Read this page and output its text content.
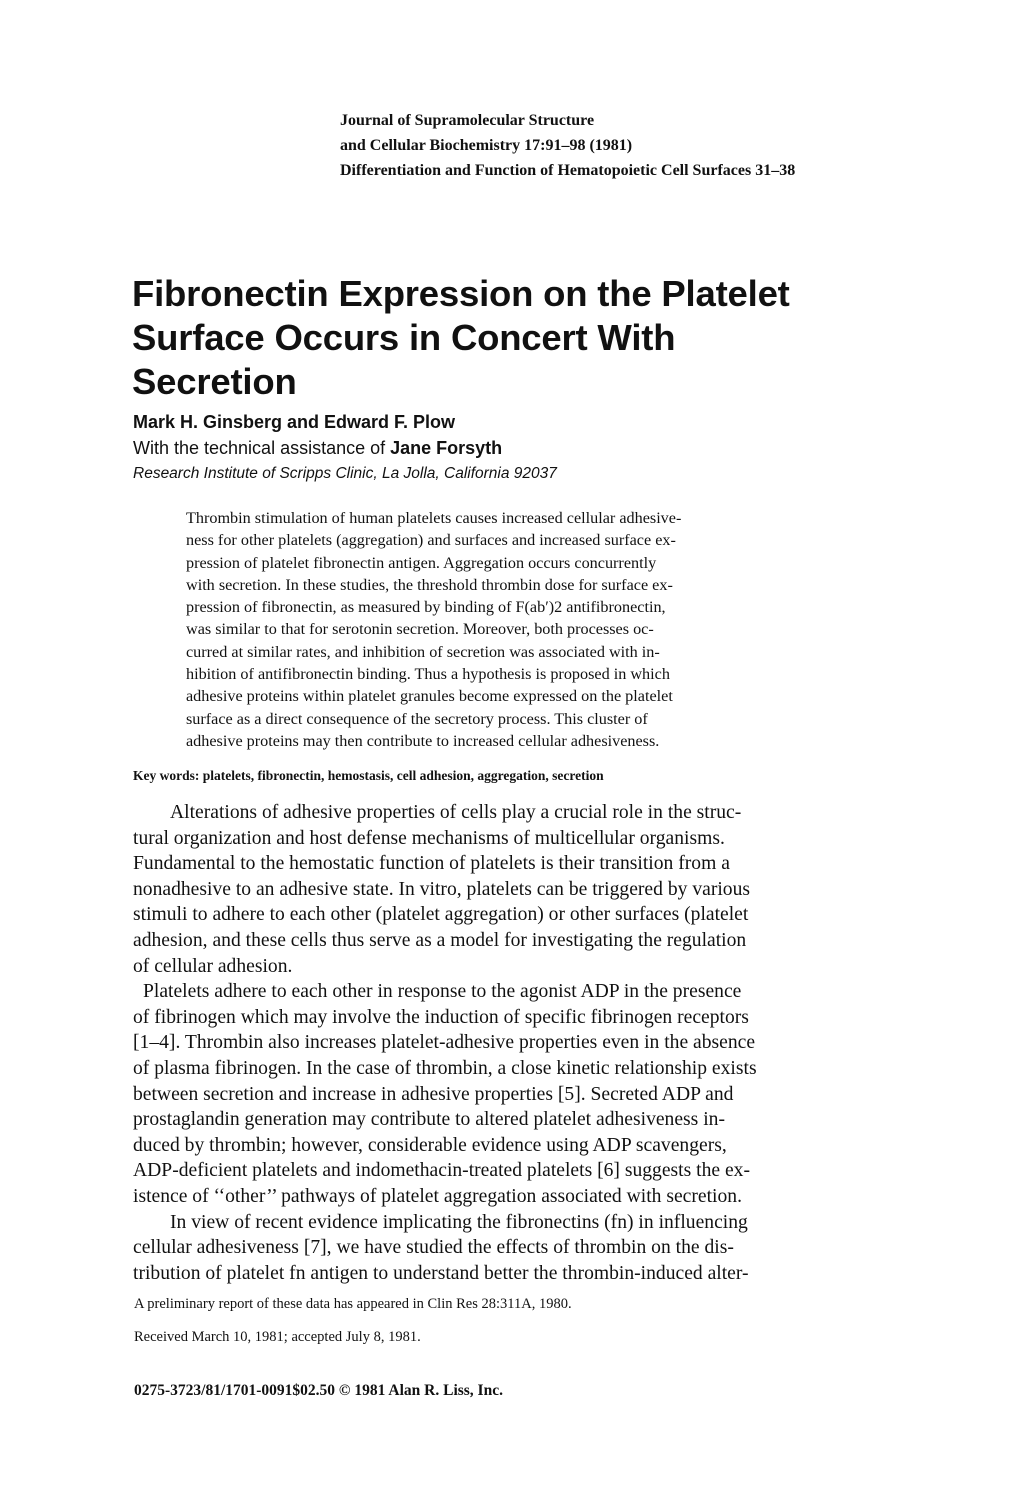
Journal of Supramolecular Structure
and Cellular Biochemistry 17:91–98 (1981)
Differentiation and Function of Hematopoietic Cell Surfaces 31–38
Fibronectin Expression on the Platelet
Surface Occurs in Concert With
Secretion
Mark H. Ginsberg and Edward F. Plow
With the technical assistance of Jane Forsyth
Research Institute of Scripps Clinic, La Jolla, California 92037
Thrombin stimulation of human platelets causes increased cellular adhesive-
ness for other platelets (aggregation) and surfaces and increased surface ex-
pression of platelet fibronectin antigen. Aggregation occurs concurrently
with secretion. In these studies, the threshold thrombin dose for surface ex-
pression of fibronectin, as measured by binding of F(ab′)2 antifibronectin,
was similar to that for serotonin secretion. Moreover, both processes oc-
curred at similar rates, and inhibition of secretion was associated with in-
hibition of antifibronectin binding. Thus a hypothesis is proposed in which
adhesive proteins within platelet granules become expressed on the platelet
surface as a direct consequence of the secretory process. This cluster of
adhesive proteins may then contribute to increased cellular adhesiveness.
Key words: platelets, fibronectin, hemostasis, cell adhesion, aggregation, secretion
Alterations of adhesive properties of cells play a crucial role in the struc-
tural organization and host defense mechanisms of multicellular organisms.
Fundamental to the hemostatic function of platelets is their transition from a
nonadhesive to an adhesive state. In vitro, platelets can be triggered by various
stimuli to adhere to each other (platelet aggregation) or other surfaces (platelet
adhesion, and these cells thus serve as a model for investigating the regulation
of cellular adhesion.
Platelets adhere to each other in response to the agonist ADP in the presence
of fibrinogen which may involve the induction of specific fibrinogen receptors
[1–4]. Thrombin also increases platelet-adhesive properties even in the absence
of plasma fibrinogen. In the case of thrombin, a close kinetic relationship exists
between secretion and increase in adhesive properties [5]. Secreted ADP and
prostaglandin generation may contribute to altered platelet adhesiveness in-
duced by thrombin; however, considerable evidence using ADP scavengers,
ADP-deficient platelets and indomethacin-treated platelets [6] suggests the ex-
istence of ‘‘other’’ pathways of platelet aggregation associated with secretion.
In view of recent evidence implicating the fibronectins (fn) in influencing
cellular adhesiveness [7], we have studied the effects of thrombin on the dis-
tribution of platelet fn antigen to understand better the thrombin-induced alter-
A preliminary report of these data has appeared in Clin Res 28:311A, 1980.
Received March 10, 1981; accepted July 8, 1981.
0275-3723/81/1701-0091$02.50 © 1981 Alan R. Liss, Inc.
